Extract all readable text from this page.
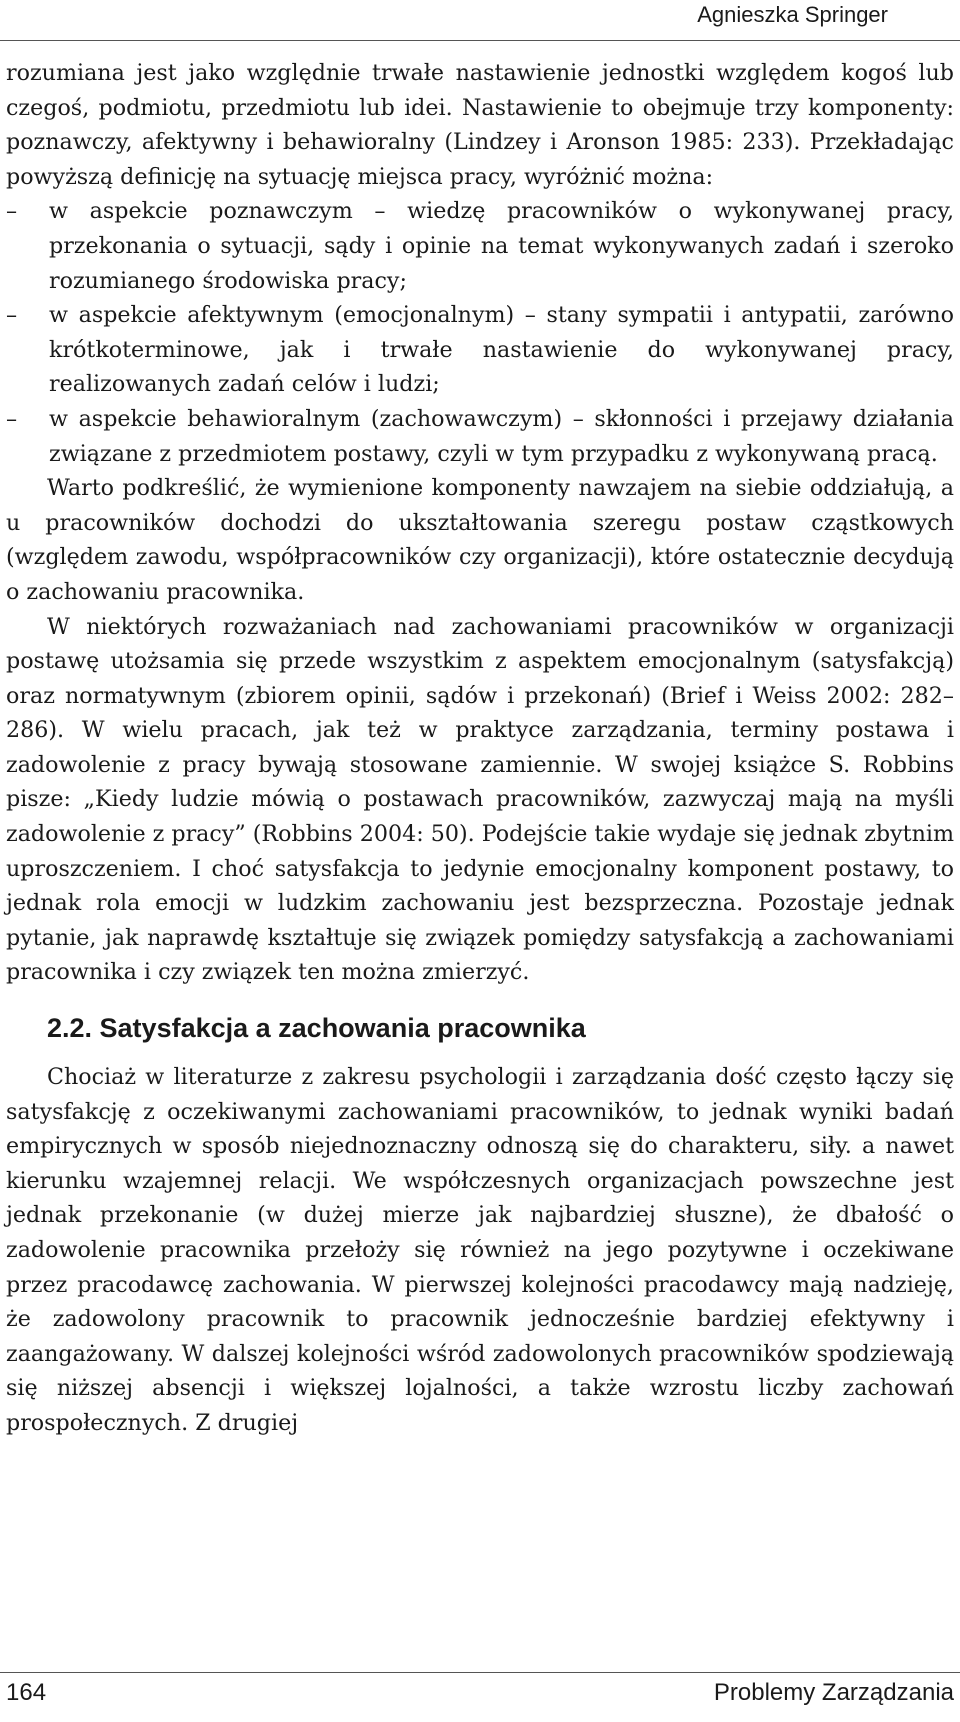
Agnieszka Springer

rozumiana jest jako względnie trwałe nastawienie jednostki względem kogoś lub czegoś, podmiotu, przedmiotu lub idei. Nastawienie to obejmuje trzy komponenty: poznawczy, afektywny i behawioralny (Lindzey i Aronson 1985: 233). Przekładając powyższą definicję na sytuację miejsca pracy, wyróżnić można:

– w aspekcie poznawczym – wiedzę pracowników o wykonywanej pracy, przekonania o sytuacji, sądy i opinie na temat wykonywanych zadań i szeroko rozumianego środowiska pracy;
– w aspekcie afektywnym (emocjonalnym) – stany sympatii i antypatii, zarówno krótkoterminowe, jak i trwałe nastawienie do wykonywanej pracy, realizowanych zadań celów i ludzi;
– w aspekcie behawioralnym (zachowawczym) – skłonności i przejawy działania związane z przedmiotem postawy, czyli w tym przypadku z wykonywaną pracą.

Warto podkreślić, że wymienione komponenty nawzajem na siebie oddziałują, a u pracowników dochodzi do ukształtowania szeregu postaw cząstkowych (względem zawodu, współpracowników czy organizacji), które ostatecznie decydują o zachowaniu pracownika.

W niektórych rozważaniach nad zachowaniami pracowników w organizacji postawę utożsamia się przede wszystkim z aspektem emocjonalnym (satysfakcją) oraz normatywnym (zbiorem opinii, sądów i przekonań) (Brief i Weiss 2002: 282–286). W wielu pracach, jak też w praktyce zarządzania, terminy postawa i zadowolenie z pracy bywają stosowane zamiennie. W swojej książce S. Robbins pisze: „Kiedy ludzie mówią o postawach pracowników, zazwyczaj mają na myśli zadowolenie z pracy” (Robbins 2004: 50). Podejście takie wydaje się jednak zbytnim uproszczeniem. I choć satysfakcja to jedynie emocjonalny komponent postawy, to jednak rola emocji w ludzkim zachowaniu jest bezsprzeczna. Pozostaje jednak pytanie, jak naprawdę kształtuje się związek pomiędzy satysfakcją a zachowaniami pracownika i czy związek ten można zmierzyć.

2.2. Satysfakcja a zachowania pracownika

Chociaż w literaturze z zakresu psychologii i zarządzania dość często łączy się satysfakcję z oczekiwanymi zachowaniami pracowników, to jednak wyniki badań empirycznych w sposób niejednoznaczny odnoszą się do charakteru, siły. a nawet kierunku wzajemnej relacji. We współczesnych organizacjach powszechne jest jednak przekonanie (w dużej mierze jak najbardziej słuszne), że dbałość o zadowolenie pracownika przełoży się również na jego pozytywne i oczekiwane przez pracodawcę zachowania. W pierwszej kolejności pracodawcy mają nadzieję, że zadowolony pracownik to pracownik jednocześnie bardziej efektywny i zaangażowany. W dalszej kolejności wśród zadowolonych pracowników spodziewają się niższej absencji i większej lojalności, a także wzrostu liczby zachowań prospołecznych. Z drugiej

164	Problemy Zarządzania
